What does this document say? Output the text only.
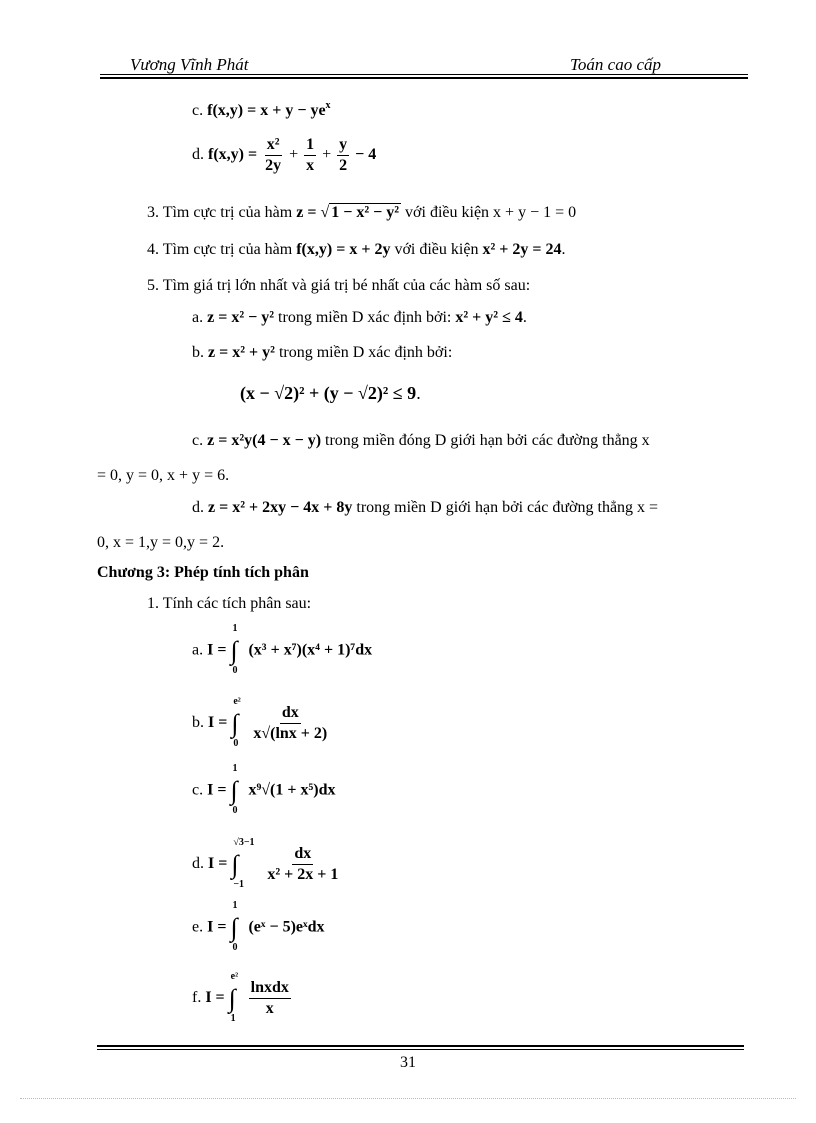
Vương Vĩnh Phát	Toán cao cấp
c. $f(x,y) = x + y - ye^x$
d. $f(x,y) = \frac{\text{x²}}{2y} + \frac{1}{x} + \frac{y}{2} - 4$
3. Tìm cực trị của hàm z = √ 1 − x² − y² với điều kiện x + y − 1 = 0
4. Tìm cực trị của hàm f(x,y) = x + 2y với điều kiện x² + 2y = 24.
5. Tìm giá trị lớn nhất và giá trị bé nhất của các hàm số sau:
a. z = x² − y² trong miền D xác định bởi: x² + y² ≤ 4.
b. z = x² + y² trong miền D xác định bởi:
(x − √2)² + (y − √2)² ≤ 9.
c. z = x²y(4 − x − y) trong miền đóng D giới hạn bởi các đường thẳng x
= 0, y = 0, x + y = 6.
d. z = x² + 2xy − 4x + 8y trong miền D giới hạn bởi các đường thẳng x =
0, x = 1,y = 0,y = 2.
Chương 3: Phép tính tích phân
1. Tính các tích phân sau:
a. I = ∫
1
0
(x³ + x⁷)(x⁴ + 1)⁷dx
b. I = ∫
e²
0

$\frac{dx}{x√(\ln x + 2)}$
c. I = ∫
1
0
x⁹√(1 + x⁵)dx
d. I = ∫
√3−1
−1

$\frac{dx}{\text{x² + 2x + 1}}$
e. I = ∫
1
0
(eˣ − 5)eˣdx
f. I = ∫
e²
1

$\frac{\text{lnxdx}}{x}$
31
